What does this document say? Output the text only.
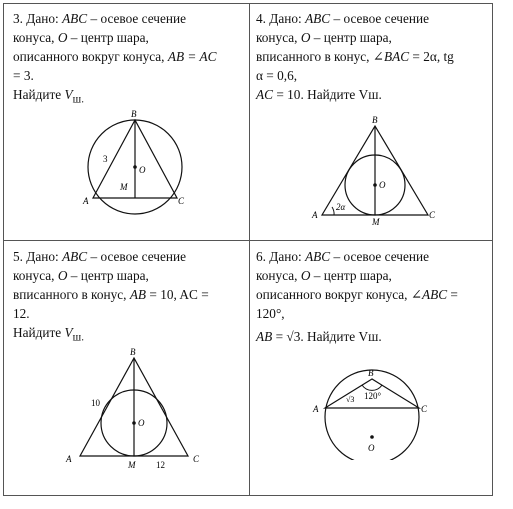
3. Дано: ABC – осевое сечение

конуса, O – центр шара,

описанного вокруг конуса, AB = AC

= 3.

Найдите $V_{ш.}$

4. Дано: ABC – осевое сечение

конуса, O – центр шара,

вписанного в конус, ∠BAC = 2α, tg

α = 0,6,

AC = 10. Найдите Vш.

5. Дано: ABC – осевое сечение

конуса, O – центр шара,

вписанного в конус, AB = 10, AC =

12.

Найдите $V_{ш.}$

6. Дано: ABC – осевое сечение

конуса, O – центр шара,

описанного вокруг конуса, ∠ABC =

120°,

AB = √3. Найдите Vш.

B
O
M
A	C
3
B
O
M
A	C
2α
B
O
M
A	C
10
12
B
O
A	C
√3 120°
